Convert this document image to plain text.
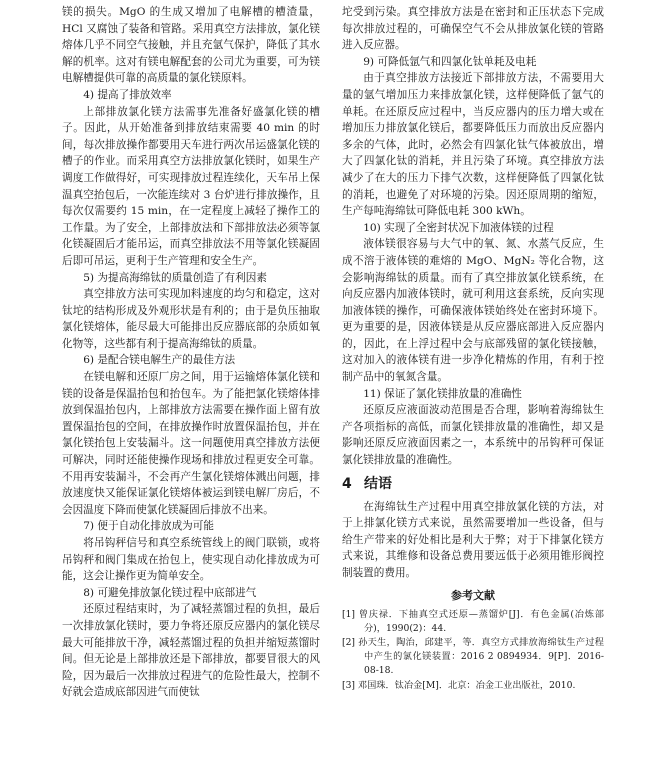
镁的损失。MgO 的生成又增加了电解槽的槽渣量，HCl 又腐蚀了装备和管路。采用真空方法排放，氯化镁熔体几乎不同空气接触，并且充氩气保护，降低了其水解的机率。这对有镁电解配套的公司尤为重要，可为镁电解槽提供可靠的高质量的氯化镁原料。

4) 提高了排放效率

上部排放氯化镁方法需事先准备好盛氯化镁的槽子。因此，从开始准备到排放结束需要 40 min 的时间，每次排放操作都要用天车进行两次吊运盛氯化镁的槽子的作业。而采用真空方法排放氯化镁时，如果生产调度工作做得好，可实现排放过程连续化，天车吊上保温真空抬包后，一次能连续对 3 台炉进行排放操作，且每次仅需要约 15 min，在一定程度上减轻了操作工的工作量。为了安全，上部排放法和下部排放法必须等氯化镁凝固后才能吊运，而真空排放法不用等氯化镁凝固后即可吊运，更利于生产管理和安全生产。

5) 为提高海绵钛的质量创造了有利因素

真空排放方法可实现加料速度的均匀和稳定，这对钛坨的结构形成及外观形状是有利的；由于是负压抽取氯化镁熔体，能尽最大可能排出反应器底部的杂质如氧化物等，这些都有利于提高海绵钛的质量。

6) 是配合镁电解生产的最佳方法

在镁电解和还原厂房之间，用于运输熔体氯化镁和镁的设备是保温抬包和抬包车。为了能把氯化镁熔体排放到保温抬包内，上部排放方法需要在操作面上留有放置保温抬包的空间，在排放操作时放置保温抬包，并在氯化镁抬包上安装漏斗。这一问题使用真空排放方法便可解决，同时还能使操作现场和排放过程更安全可靠。不用再安装漏斗，不会再产生氯化镁熔体溅出问题，排放速度快又能保证氯化镁熔体被运到镁电解厂房后，不会因温度下降而使氯化镁凝固后排放不出来。

7) 便于自动化排放成为可能

将吊钩秤信号和真空系统管线上的阀门联锁，或将吊钩秤和阀门集成在抬包上，使实现自动化排放成为可能，这会让操作更为简单安全。

8) 可避免排放氯化镁过程中底部进气

还原过程结束时，为了减轻蒸馏过程的负担，最后一次排放氯化镁时，要力争将还原反应器内的氯化镁尽最大可能排放干净，减轻蒸馏过程的负担并缩短蒸馏时间。但无论是上部排放还是下部排放，都要冒很大的风险，因为最后一次排放过程进气的危险性最大，控制不好就会造成底部因进气而使钛

坨受到污染。真空排放方法是在密封和正压状态下完成每次排放过程的，可确保空气不会从排放氯化镁的管路进入反应器。

9) 可降低氩气和四氯化钛单耗及电耗

由于真空排放方法接近下部排放方法，不需要用大量的氩气增加压力来排放氯化镁，这样便降低了氩气的单耗。在还原反应过程中，当反应器内的压力增大或在增加压力排放氯化镁后，都要降低压力而放出反应器内多余的气体，此时，必然会有四氯化钛气体被放出，增大了四氯化钛的消耗，并且污染了环境。真空排放方法减少了在大的压力下排气次数，这样便降低了四氯化钛的消耗，也避免了对环境的污染。因还原周期的缩短，生产每吨海绵钛可降低电耗 300 kWh。

10) 实现了全密封状况下加液体镁的过程

液体镁很容易与大气中的氧、氮、水蒸气反应，生成不溶于液体镁的难熔的 MgO、MgN₂ 等化合物，这会影响海绵钛的质量。而有了真空排放氯化镁系统，在向反应器内加液体镁时，就可利用这套系统，反向实现加液体镁的操作，可确保液体镁始终处在密封环境下。更为重要的是，因液体镁是从反应器底部进入反应器内的，因此，在上浮过程中会与底部残留的氯化镁接触，这对加入的液体镁有进一步净化精炼的作用，有利于控制产品中的氧氮含量。

11) 保证了氯化镁排放量的准确性

还原反应液面波动范围是否合理，影响着海绵钛生产各项指标的高低，而氯化镁排放量的准确性，却又是影响还原反应液面因素之一，本系统中的吊钩秤可保证氯化镁排放量的准确性。

4 结语

在海绵钛生产过程中用真空排放氯化镁的方法，对于上排氯化镁方式来说，虽然需要增加一些设备，但与给生产带来的好处相比是利大于弊；对于下排氯化镁方式来说，其维修和设备总费用要远低于必须用锥形阀控制装置的费用。

参考文献

[1] 曾庆禄．下抽真空式还原—蒸馏炉[J]．有色金属(冶炼部分)，1990(2)：44.

[2] 孙天生，陶治，邱建平，等．真空方式排放海绵钛生产过程中产生的氯化镁装置：2016 2 0894934．9[P]．2016-08-18.

[3] 邓国珠．钛冶金[M]．北京：冶金工业出版社，2010.
